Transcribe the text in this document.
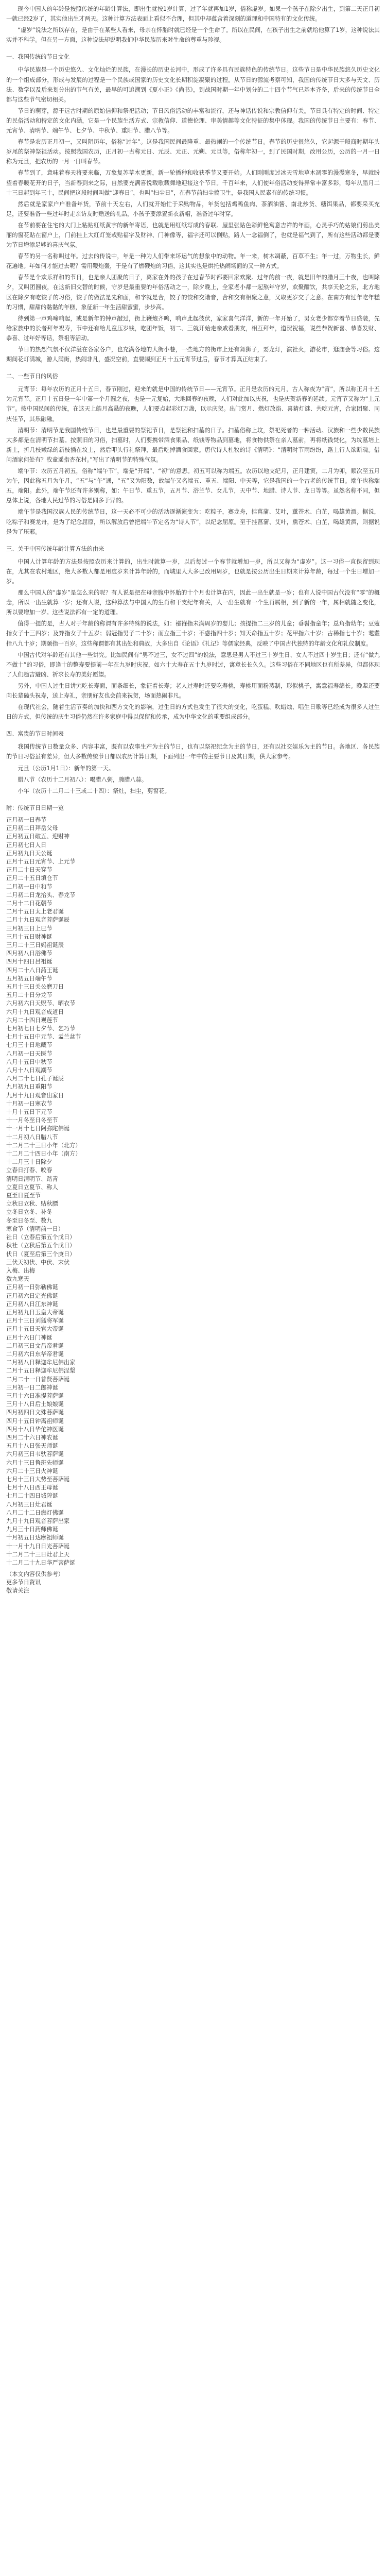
现今中国人的年龄是按照传统的年龄计算法，即出生就按1岁计算，过了年就再加1岁，俗称虚岁。如果一个孩子在除夕出生，到第二天正月初一就已经2岁了，其实他出生才两天。这种计算方法表面上看似不合理，但其中却蕴含着深刻的道理和中国特有的文化传统。

“虚岁”说法之所以存在，是由于在某些人看来，母亲在怀胎时就已经是一个生命了。所以在民间，在孩子出生之前就给他算了1岁，这种说法其实并不科学。但在另一方面，这种说法却说明我们中华民族历来对生命的尊重与珍视。

一、我国传统的节日文化

中华民族是一个历史悠久、文化灿烂的民族，在漫长的历史长河中，形成了许多具有民族特色的传统节日。这些节日是中华民族悠久历史文化的一个组成部分，形成与发展的过程是一个民族或国家的历史文化长期积淀凝聚的过程。从节日的源流考察可知，我国的传统节日大多与天文、历法、数学以及后来划分出的节气有关，最早的可追溯到《夏小正》《尚书》，到战国时期一年中划分的二十四个节气已基本齐备，后来的传统节日全都与这些节气密切相关。

节日的萌芽，源于远古时期的原始信仰和祭祀活动；节日风俗活动的丰富和流行，还与神话传说和宗教信仰有关。节日具有特定的时间、特定的民俗活动和特定的文化内涵，它是一个民族生活方式、宗教信仰、道德伦理、审美情趣等文化特征的集中体现。我国的传统节日主要有：春节、元宵节、清明节、端午节、七夕节、中秋节、重阳节、腊八节等。

春节是农历正月初一，又叫阴历年，俗称“过年”。这是我国民间最隆重、最热闹的一个传统节日。春节的历史很悠久，它起源于殷商时期年头岁尾的祭神祭祖活动。按照我国农历，正月初一古称元日、元辰、元正、元朔、元旦等，俗称年初一，到了民国时期，改用公历，公历的一月一日称为元旦，把农历的一月一日叫春节。

春节到了，意味着春天将要来临，万象复苏草木更新，新一轮播种和收获季节又要开始。人们刚刚度过冰天雪地草木凋零的漫漫寒冬，早就盼望着春暖花开的日子，当新春到来之际，自然要充满喜悦载歌载舞地迎接这个节日。千百年来，人们使年俗活动变得异常丰富多彩，每年从腊月二十三日起到年三十，民间把这段时间叫做“迎春日”，也叫“扫尘日”，在春节前扫尘搞卫生，是我国人民素有的传统习惯。

然后就是家家户户准备年货，节前十天左右，人们就开始忙于采购物品，年货包括鸡鸭鱼肉、茶酒油酱、南北炒货、糖饵果品，都要采买充足，还要准备一些过年时走亲访友时赠送的礼品，小孩子要添置新衣新帽，准备过年时穿。

在节前要在住宅的大门上粘贴红纸黄字的新年寄语，也就是用红纸写成的春联。屋里张贴色彩鲜艳寓意吉祥的年画，心灵手巧的姑娘们剪出美丽的窗花贴在窗户上，门前挂上大红灯笼或贴福字及财神、门神像等，福字还可以倒贴，路人一念福倒了，也就是福气到了，所有这些活动都是要为节日增添足够的喜庆气氛。

春节的另一名称叫过年。过去的传说中，年是一种为人们带来坏运气的想象中的动物。年一来，树木凋蔽，百草不生；年一过，万物生长，鲜花遍地。年如何才能过去呢？需用鞭炮轰，于是有了燃鞭炮的习俗，这其实也是烘托热闹场面的又一种方式。

春节是个欢乐祥和的节日，也是亲人团聚的日子，离家在外的孩子在过春节时都要回家欢聚。过年的前一夜，就是旧年的腊月三十夜，也叫除夕，又叫团圆夜，在这新旧交替的时候，守岁是最重要的年俗活动之一，除夕晚上，全家老小都一起熬年守岁，欢聚酣饮，共享天伦之乐，北方地区在除夕有吃饺子的习俗，饺子的做法是先和面，和字就是合，饺子的饺和交谐音，合和交有相聚之意，又取更岁交子之意。在南方有过年吃年糕的习惯，甜甜的黏黏的年糕，象征新一年生活甜蜜蜜，步步高。

待到第一声鸡啼响起，或是新年的钟声敲过，街上鞭炮齐鸣，响声此起彼伏，家家喜气洋洋，新的一年开始了，男女老少都穿着节日盛装，先给家族中的长者拜年祝寿，节中还有给儿童压岁钱，吃团年饭，初二、三就开始走亲戚看朋友，相互拜年，道贺祝福，说些恭贺新喜、恭喜发财、恭喜、过年好等话，祭祖等活动。

节日的热烈气氛不仅洋溢在各家各户，也充满各地的大街小巷，一些地方的街市上还有舞狮子，耍龙灯，演社火，游花市，逛庙会等习俗。这期间花灯满城，游人满街，热闹非凡，盛况空前，直要闹到正月十五元宵节过后，春节才算真正结束了。

二、一些节日的风俗

元宵节：每年农历的正月十五日，春节刚过，迎来的就是中国的传统节日——元宵节。正月是农历的元月，古人称夜为“宵”，所以称正月十五为元宵节。正月十五日是一年中第一个月圆之夜，也是一元复始，大地回春的夜晚，人们对此加以庆祝，也是庆贺新春的延续。元宵节又称为“上元节”。按中国民间的传统，在这天上皓月高悬的夜晚，人们要点起彩灯万盏，以示庆贺。出门赏月、燃灯放焰、喜猜灯谜、共吃元宵，合家团聚、同庆佳节，其乐融融。

清明节：清明节是我国传统节日，也是最重要的祭祀节日，是祭祖和扫墓的日子。扫墓俗称上坟，祭祀死者的一种活动。汉族和一些少数民族大多都是在清明节扫墓。按照旧的习俗，扫墓时，人们要携带酒食果品、纸钱等物品到墓地，将食物供祭在亲人墓前，再将纸钱焚化，为坟墓培上新土，折几枝嫩绿的新枝插在坟上，然后叩头行礼祭拜，最后吃掉酒食回家。唐代诗人杜牧的诗《清明》：“清明时节雨纷纷，路上行人欲断魂。借问酒家何处有？牧童遥指杏花村。”写出了清明节的特殊气氛。

端午节：农历五月初五，俗称“端午节”，端是“开端”、“初”的意思。初五可以称为端五。农历以地支纪月，正月建寅，二月为卯，顺次至五月为午，因此称五月为午月，“五”与“午”通，“五”又为阳数，故端午又名端五、重五、端阳、中天等，它是我国的一个古老的传统节日。端午也称端五，端阳。此外，端午节还有许多别称，如：午日节、重五节，五月节、浴兰节、女儿节，天中节、地腊、诗人节、龙日等等。虽然名称不同，但总体上说，各地人民过节的习俗是同多于异的。

端午节是我国汉族人民的传统节日，这一天必不可少的活动逐渐演变为：吃粽子，赛龙舟，挂菖蒲、艾叶，薰苍术、白芷，喝雄黄酒。据说，吃粽子和赛龙舟，是为了纪念屈原，所以解放后曾把端午节定名为“诗人节”，以纪念屈原。至于挂菖蒲、艾叶，熏苍术、白芷，喝雄黄酒，则据说是为了压邪。

三、关于中国传统年龄计算方法的由来

中国人计算年龄的方法是按照农历来计算的，出生时就算一岁，以后每过一个春节就增加一岁，所以又称为“虚岁”。这一习俗一直保留到现在，尤其在农村地区，绝大多数人都是用虚岁来计算年龄的，而城里人大多已改用周岁，也就是按公历出生日期来计算年龄，每过一个生日增加一岁。

那么中国人的“虚岁”是怎么来的呢？有人说是把在母亲腹中怀胎的十个月也计算在内，因此一出生就是一岁；也有人说中国古代没有“零”的概念，所以一出生就算一岁；还有人说，这种算法与中国人的生肖和干支纪年有关，人一出生就有一个生肖属相，到了新的一年，属相就随之变化，所以要增加一岁。这些说法都有一定的道理。

值得一提的是，古人对于年龄的称谓有许多特殊的说法，如：襁褓指未满周岁的婴儿；孩提指二三岁的儿童；垂髫指童年；总角指幼年；豆蔻指女子十三四岁；及笄指女子十五岁；弱冠指男子二十岁；而立指三十岁；不惑指四十岁；知天命指五十岁；花甲指六十岁；古稀指七十岁；耄耋指八九十岁；期颐指一百岁。这些称谓都有其出处和典故，大多出自《论语》《礼记》等儒家经典，反映了中国古代独特的年龄文化和礼仪制度。

中国古代对年龄还有其他一些讲究。比如民间有“男不过三，女不过四”的说法，意思是男人不过三十岁生日、女人不过四十岁生日；还有“做九不做十”的习俗，即逢十的整寿要提前一年在九岁时庆祝，如六十大寿在五十九岁时过，寓意长长久久。这些习俗在不同地区也有所差异，但都体现了人们趋吉避凶、祈求长寿的美好愿望。

另外，中国人过生日讲究吃长寿面，面条细长，象征着长寿；老人过寿时还要吃寿桃，寿桃用面粉蒸制，形似桃子，寓意福寿绵长。晚辈还要向长辈磕头祝寿，送上寿礼，亲朋好友也会前来祝贺，场面热闹非凡。

在现代社会，随着生活节奏的加快和西方文化的影响，过生日的方式也发生了很大的变化，吃蛋糕、吹蜡烛、唱生日歌等已经成为很多人过生日的方式，但传统的庆生习俗仍然在许多家庭中得以保留和传承，成为中华文化的重要组成部分。

四、富贵的节日时间表

我国传统节日数量众多、内容丰富，既有以农事生产为主的节日，也有以祭祀纪念为主的节日，还有以社交娱乐为主的节日。各地区、各民族的节日习俗虽有差异，但大多数传统节日都以农历计算日期，下面列出一年中的主要节日及其日期，供大家参考。

元旦（公历1月1日）：新年的第一天。

腊八节（农历十二月初八）：喝腊八粥，腌腊八蒜。

小年（农历十二月二十三或二十四）：祭灶，扫尘，剪窗花。

附：传统节日日期一览

正月初一日春节
正月初二日拜岳父母
正月初五日破五、迎财神
正月初七日人日
正月初九日天公诞
正月十五日元宵节、上元节
正月二十日天穿节
正月二十五日填仓节
二月初一日中和节
二月初二日龙抬头、春龙节
二月十二日花朝节
二月十五日太上老君诞
二月十九日观音菩萨诞辰
三月初三日上巳节
三月十五日财神诞
三月二十三日妈祖诞辰
四月初八日浴佛节
四月十四日吕祖诞
四月二十八日药王诞
五月初五日端午节
五月十三日关公磨刀日
五月二十日分龙节
六月初六日天贶节、晒衣节
六月十九日观音成道日
六月二十四日观莲节
七月初七日七夕节、乞巧节
七月十五日中元节、盂兰盆节
七月三十日地藏节
八月初一日天医节
八月十五日中秋节
八月十八日观潮节
八月二十七日孔子诞辰
九月初九日重阳节
九月十九日观音出家日
十月初一日寒衣节
十月十五日下元节
十一月冬至日冬至节
十一月十七日阿弥陀佛诞
十二月初八日腊八节
十二月二十三日小年（北方）
十二月二十四日小年（南方）
十二月三十日除夕
立春日打春、咬春
清明日清明节、踏青
立夏日立夏节、称人
夏至日夏至节
立秋日立秋、贴秋膘
立冬日立冬、补冬
冬至日冬至、数九
寒食节（清明前一日）
社日（立春后第五个戊日）
秋社（立秋后第五个戊日）
伏日（夏至后第三个庚日）
三伏天初伏、中伏、末伏
入梅、出梅
数九寒天
正月初一日弥勒佛诞
正月初六日定光佛诞
正月初八日江东神诞
正月初九日玉皇大帝诞
正月十三日刘猛将军诞
正月十五日天官大帝诞
正月十六日门神诞
二月初三日文昌帝君诞
二月初六日东华帝君诞
二月初八日释迦牟尼佛出家
二月十五日释迦牟尼佛涅槃
二月二十一日普贤菩萨诞
三月初一日二郎神诞
三月十六日准提菩萨诞
三月十八日后土娘娘诞
四月初四日文殊菩萨诞
四月十五日钟离祖师诞
四月十八日华佗神医诞
四月二十六日神农诞
五月十八日张天师诞
六月初三日韦驮菩萨诞
六月十三日鲁班先师诞
六月二十三日火神诞
七月十三日大势至菩萨诞
七月十八日西王母诞
七月二十四日城隍诞
八月初三日灶君诞
八月二十二日燃灯佛诞
九月十九日观音菩萨出家
九月三十日药师佛诞
十月初五日达摩祖师诞
十一月十九日日光菩萨诞
十二月二十三日灶君上天
十二月二十九日华严菩萨诞
（本文内容仅供参考）
更多节日资讯
敬请关注
